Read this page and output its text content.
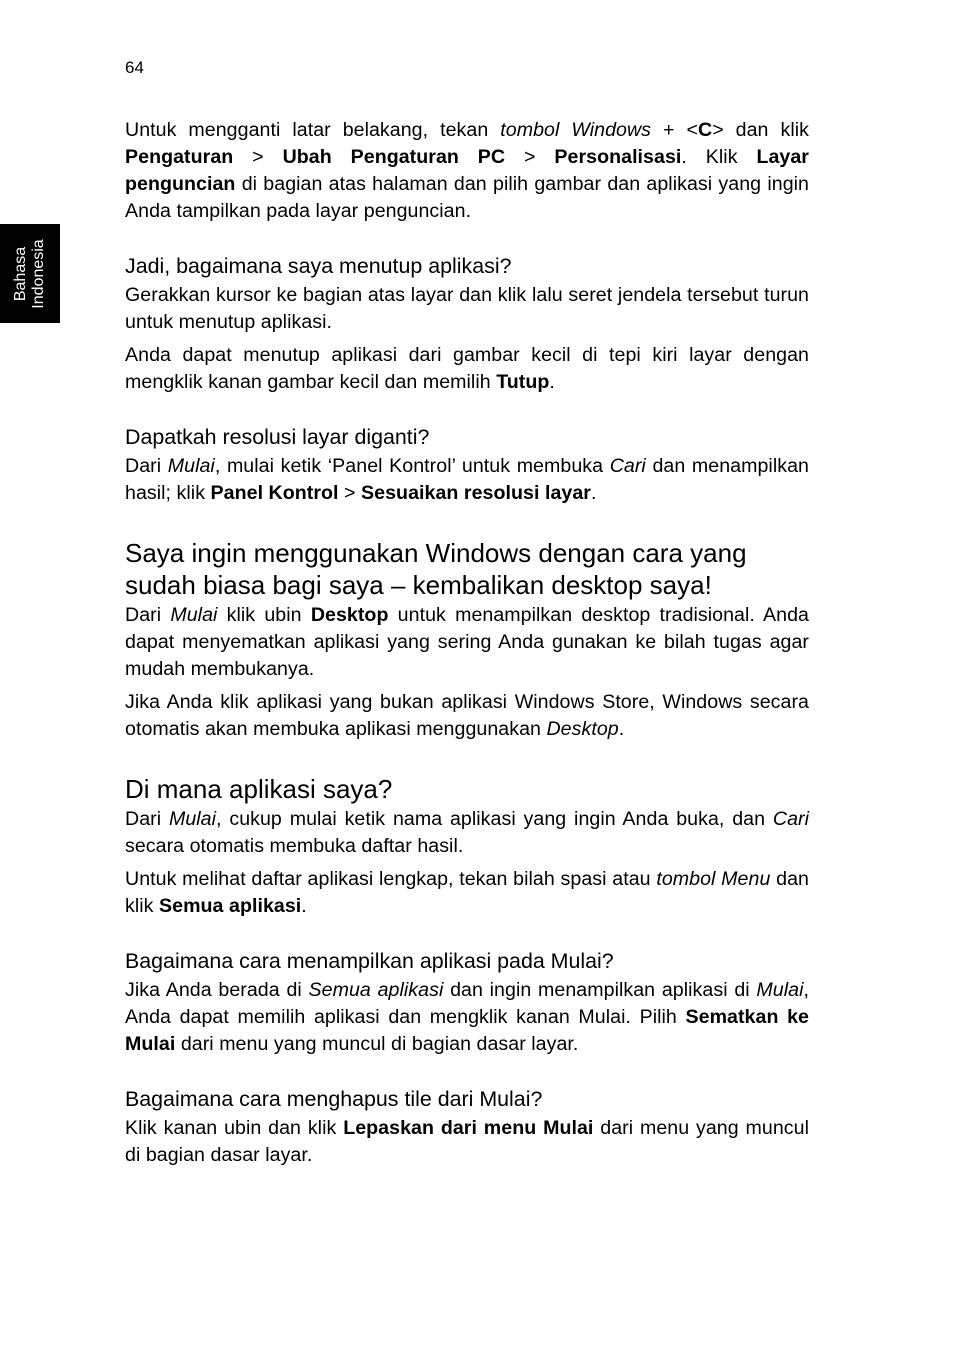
64
Bahasa
Indonesia

Untuk mengganti latar belakang, tekan tombol Windows + <C> dan klik Pengaturan > Ubah Pengaturan PC > Personalisasi. Klik Layar penguncian di bagian atas halaman dan pilih gambar dan aplikasi yang ingin Anda tampilkan pada layar penguncian.

Jadi, bagaimana saya menutup aplikasi?

Gerakkan kursor ke bagian atas layar dan klik lalu seret jendela tersebut turun untuk menutup aplikasi.

Anda dapat menutup aplikasi dari gambar kecil di tepi kiri layar dengan mengklik kanan gambar kecil dan memilih Tutup.

Dapatkah resolusi layar diganti?

Dari Mulai, mulai ketik ‘Panel Kontrol’ untuk membuka Cari dan menampilkan hasil; klik Panel Kontrol > Sesuaikan resolusi layar.

Saya ingin menggunakan Windows dengan cara yang
sudah biasa bagi saya – kembalikan desktop saya!

Dari Mulai klik ubin Desktop untuk menampilkan desktop tradisional. Anda dapat menyematkan aplikasi yang sering Anda gunakan ke bilah tugas agar mudah membukanya.

Jika Anda klik aplikasi yang bukan aplikasi Windows Store, Windows secara otomatis akan membuka aplikasi menggunakan Desktop.

Di mana aplikasi saya?

Dari Mulai, cukup mulai ketik nama aplikasi yang ingin Anda buka, dan Cari secara otomatis membuka daftar hasil.

Untuk melihat daftar aplikasi lengkap, tekan bilah spasi atau tombol Menu dan klik Semua aplikasi.

Bagaimana cara menampilkan aplikasi pada Mulai?

Jika Anda berada di Semua aplikasi dan ingin menampilkan aplikasi di Mulai, Anda dapat memilih aplikasi dan mengklik kanan Mulai. Pilih Sematkan ke Mulai dari menu yang muncul di bagian dasar layar.

Bagaimana cara menghapus tile dari Mulai?

Klik kanan ubin dan klik Lepaskan dari menu Mulai dari menu yang muncul di bagian dasar layar.
